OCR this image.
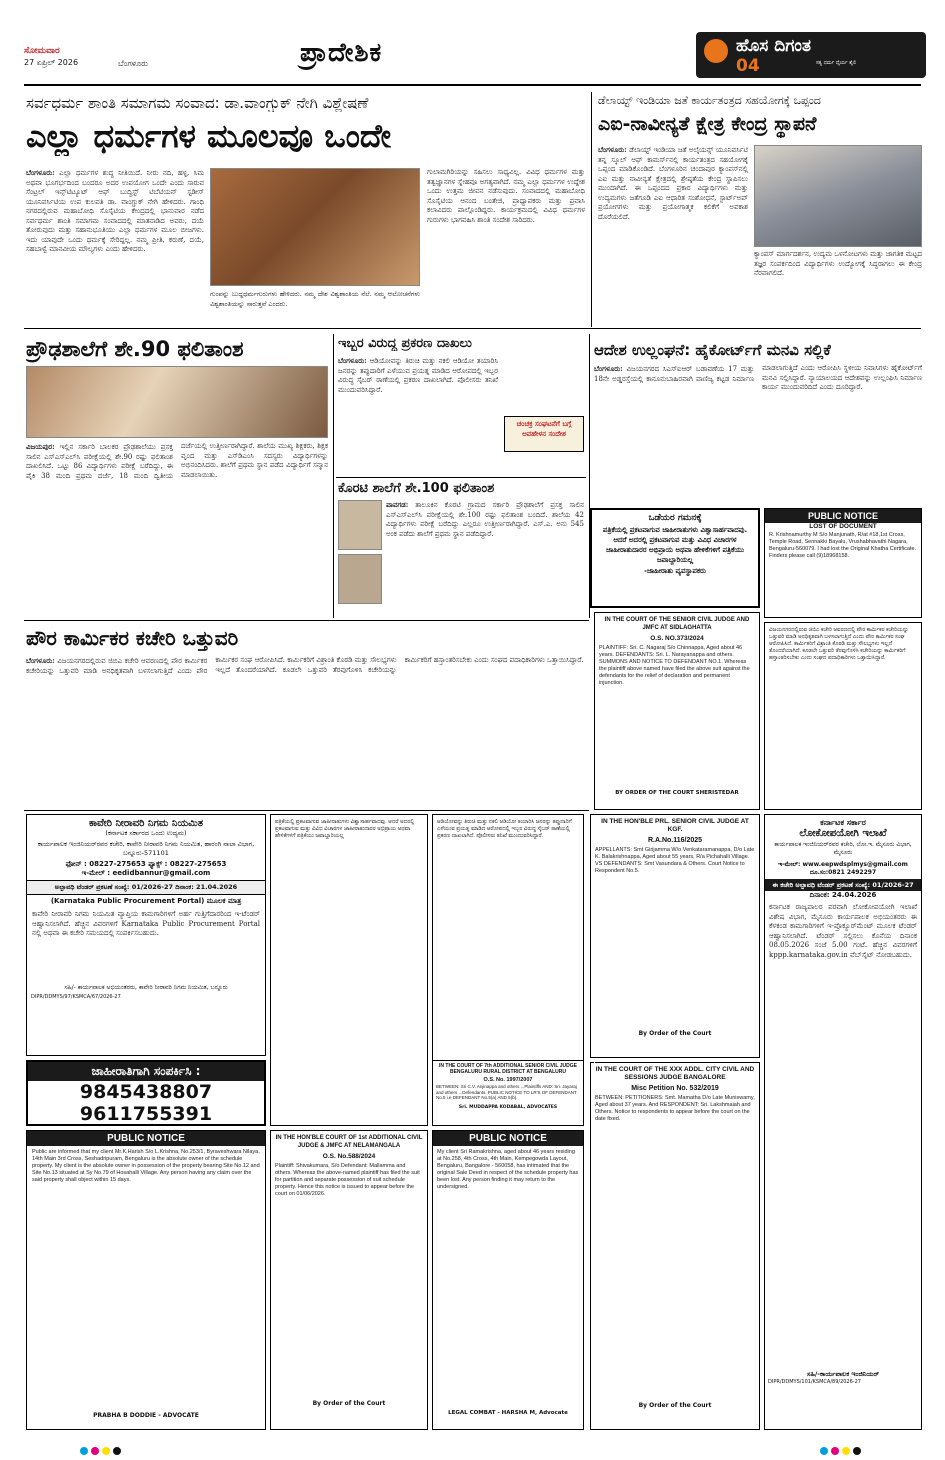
ಸೋಮವಾರ
27 ಏಪ್ರಿಲ್ 2026	ಬೆಂಗಳೂರು	ಪ್ರಾದೇಶಿಕ	ಹೊಸ ದಿಗಂತ
ಸತ್ಯ ಧರ್ಮ ಧೈರ್ಯ ಶೈಲಿ
04
ಸರ್ವಧರ್ಮ ಶಾಂತಿ ಸಮಾಗಮ ಸಂವಾದ: ಡಾ.ವಾಂಗ್ಚುಕ್ ನೇಗಿ ವಿಶ್ಲೇಷಣೆ
ಎಲ್ಲಾ ಧರ್ಮಗಳ ಮೂಲವೂ ಒಂದೇ
ಬೆಂಗಳೂರು: ಎಲ್ಲಾ ಧರ್ಮಗಳ ಶುದ್ಧ ನೀತಿಯಿದೆ. ನೀರು ನದಿ, ಹಳ್ಳ, ಸಿಮ ಅಥವಾ ಭೂಗರ್ಭದಿಂದ ಬಂದರೂ ಅದರ ಉಪಯೋಗ ಒಂದೇ ಎಂದು ಸಾರುವ ಸೆಂಟ್ರಲ್ ಇನ್ಸ್‌ಟಿಟ್ಯೂಟ್ ಆಫ್ ಬುದ್ಧಿಸ್ಟ್ ಟಿಬೆಟಿಯನ್ ಸ್ಟಡೀಸ್ ಯೂನಿವರ್ಸಿಟಿಯ ಉಪ ಕುಲಪತಿ ಡಾ. ವಾಂಗ್ಚುಕ್ ನೇಗಿ ಹೇಳಿದರು. ಗಾಂಧಿ ನಗರದಲ್ಲಿರುವ ಮಹಾಬೋಧಿ ಸೊಸೈಟಿಯ ಕೇಂದ್ರದಲ್ಲಿ ಭಾನುವಾರ ನಡೆದ ಸರ್ವಧರ್ಮ ಶಾಂತಿ ಸಮಾಗಮ ಸಂವಾದದಲ್ಲಿ ಮಾತನಾಡಿದ ಅವರು, ದಯೆ ತೋರುವುದು ಮತ್ತು ಸಹಾನುಭೂತಿಯು ಎಲ್ಲಾ ಧರ್ಮಗಳ ಮೂಲ ಬೀಜಗಳು. ಇದು ಯಾವುದೇ ಒಂದು ಧರ್ಮಕ್ಕೆ ಸೇರಿದ್ದಲ್ಲ. ನಮ್ಮ ಪ್ರೀತಿ, ಕರುಣೆ, ದಯೆ, ಸಹಬಾಳ್ವೆ ಮಾನವೀಯ ಮೌಲ್ಯಗಳು ಎಂದು ಹೇಳಿದರು.
ಗುಂಪನ್ನು ಬುದ್ಧಧರ್ಮಗುರುಗಳು ಹೇಳಿದರು. ನಮ್ಮ ದೇಶ ವಿಶ್ವಶಾಂತಿಯ ನೆಲೆ. ನಮ್ಮ ಆಲೋಚನೆಗಳು ವಿಶ್ವಶಾಂತಿಯನ್ನು ಸಾರುತ್ತವೆ ಎಂದರು.
ಗುಲಾಮಗಿರಿಯನ್ನು ಸಹಿಸಲು ಸಾಧ್ಯವಿಲ್ಲ. ವಿವಿಧ ಧರ್ಮಗಳ ಮತ್ತು ತತ್ವಜ್ಞಾನಗಳ ಸ್ನೇಹವೂ ಅಗತ್ಯವಾಗಿದೆ. ನಮ್ಮ ಎಲ್ಲಾ ಧರ್ಮಗಳ ಉದ್ದೇಶ ಒಂದು ಉತ್ತಮ ಜೀವನ ನಡೆಸುವುದು. ಸಂವಾದದಲ್ಲಿ ಮಹಾಬೋಧಿ ಸೊಸೈಟಿಯ ಆನಂದ ಬಂತೇಜಿ, ಪ್ರಾಧ್ಯಾಪಕರು ಮತ್ತು ಪ್ರವಾಸಿ ಕಲಾವಿದರು ಪಾಲ್ಗೊಂಡಿದ್ದರು. ಕಾರ್ಯಕ್ರಮದಲ್ಲಿ ವಿವಿಧ ಧರ್ಮಗಳ ಗುರುಗಳು ಭಾಗವಹಿಸಿ ಶಾಂತಿ ಸಂದೇಶ ಸಾರಿದರು.
ಡೆಲಾಯ್ಟ್ ಇಂಡಿಯಾ ಜತೆ ಕಾರ್ಯತಂತ್ರದ ಸಹಯೋಗಕ್ಕೆ ಒಪ್ಪಂದ
ಎಐ-ನಾವೀನ್ಯತೆ ಕ್ಷೇತ್ರ ಕೇಂದ್ರ ಸ್ಥಾಪನೆ
ಬೆಂಗಳೂರು: ಡೆಲಾಯ್ಟ್ ಇಂಡಿಯಾ ಜತೆ ಅಲೈಯನ್ಸ್ ಯೂನಿವರ್ಸಿಟಿ ತನ್ನ ಸ್ಕೂಲ್ ಆಫ್ ಕಾಮರ್ಸ್‌ನಲ್ಲಿ ಕಾರ್ಯತಂತ್ರದ ಸಹಯೋಗಕ್ಕೆ ಒಪ್ಪಂದ ಮಾಡಿಕೊಂಡಿದೆ. ಬೆಂಗಳೂರಿನ ಚಂದಾಪುರ ಕ್ಯಾಂಪಸ್‌ನಲ್ಲಿ ಎಐ ಮತ್ತು ನಾವೀನ್ಯತೆ ಕ್ಷೇತ್ರದಲ್ಲಿ ಶ್ರೇಷ್ಠತೆಯ ಕೇಂದ್ರ ಸ್ಥಾಪಿಸಲು ಮುಂದಾಗಿದೆ. ಈ ಒಪ್ಪಂದದ ಪ್ರಕಾರ ವಿದ್ಯಾರ್ಥಿಗಳು ಮತ್ತು ಉದ್ಯಮಗಳು ಜತೆಗೂಡಿ ಎಐ ಆಧಾರಿತ ಸಂಶೋಧನೆ, ಸ್ಟಾರ್ಟ್‌ಅಪ್ ಪ್ರಯೋಗಗಳು ಮತ್ತು ಪ್ರಯೋಗಾತ್ಮಕ ಕಲಿಕೆಗೆ ಅವಕಾಶ ದೊರೆಯಲಿದೆ.
ಕ್ಯಾಂಪಸ್ ಮಾರ್ಗದರ್ಶನ, ಉದ್ಯಮ ಒಳನೋಟಗಳು ಮತ್ತು ಜಾಗತಿಕ ಮಟ್ಟದ ತಜ್ಞರ ಸಂಪರ್ಕದಿಂದ ವಿದ್ಯಾರ್ಥಿಗಳು ಉದ್ಯೋಗಕ್ಕೆ ಸಿದ್ಧರಾಗಲು ಈ ಕೇಂದ್ರ ನೆರವಾಗಲಿದೆ.
ಪ್ರೌಢಶಾಲೆಗೆ ಶೇ.90 ಫಲಿತಾಂಶ
ವಿಜಯಪುರ: ಇಲ್ಲಿನ ಸರ್ಕಾರಿ ಬಾಲಕರ ಪ್ರೌಢಶಾಲೆಯು ಪ್ರಸಕ್ತ ಸಾಲಿನ ಎಸ್ಎಸ್ಎಲ್‌ಸಿ ಪರೀಕ್ಷೆಯಲ್ಲಿ ಶೇ.90 ರಷ್ಟು ಫಲಿತಾಂಶ ದಾಖಲಿಸಿದೆ. ಒಟ್ಟು 86 ವಿದ್ಯಾರ್ಥಿಗಳು ಪರೀಕ್ಷೆ ಬರೆದಿದ್ದು, ಈ ಪೈಕಿ 38 ಮಂದಿ ಪ್ರಥಮ ದರ್ಜೆ, 18 ಮಂದಿ ದ್ವಿತೀಯ ದರ್ಜೆಯಲ್ಲಿ ಉತ್ತೀರ್ಣರಾಗಿದ್ದಾರೆ. ಶಾಲೆಯ ಮುಖ್ಯ ಶಿಕ್ಷಕರು, ಶಿಕ್ಷಕ ವೃಂದ ಮತ್ತು ಎಸ್‌ಡಿಎಂಸಿ ಸದಸ್ಯರು ವಿದ್ಯಾರ್ಥಿಗಳನ್ನು ಅಭಿನಂದಿಸಿದರು. ಶಾಲೆಗೆ ಪ್ರಥಮ ಸ್ಥಾನ ಪಡೆದ ವಿದ್ಯಾರ್ಥಿಗೆ ಸನ್ಮಾನ ಮಾಡಲಾಯಿತು.
ಇಬ್ಬರ ವಿರುದ್ಧ ಪ್ರಕರಣ ದಾಖಲು
ಬೆಂಗಳೂರು: ಆಡಿಯೋವನ್ನು ತಿರುಚಿ ಮತ್ತು ನಕಲಿ ಆಡಿಯೋ ತಯಾರಿಸಿ ಜನರನ್ನು ತಪ್ಪುದಾರಿಗೆ ಎಳೆಯುವ ಪ್ರಯತ್ನ ಮಾಡಿದ ಆರೋಪದಲ್ಲಿ ಇಬ್ಬರ ವಿರುದ್ಧ ಸೈಬರ್ ಠಾಣೆಯಲ್ಲಿ ಪ್ರಕರಣ ದಾಖಲಾಗಿದೆ. ಪೊಲೀಸರು ತನಿಖೆ ಮುಂದುವರಿಸಿದ್ದಾರೆ.
ಚಂಚಕ್ರ ಸಂಘಟನೆಗೆ ಬಗ್ಗೆ ಅವಹೇಳನ ಸಂದೇಶ
ಕೊರಟಿ ಶಾಲೆಗೆ ಶೇ.100 ಫಲಿತಾಂಶ
ಪಾವಗಡ: ತಾಲೂಕಿನ ಕೊರಟಿ ಗ್ರಾಮದ ಸರ್ಕಾರಿ ಪ್ರೌಢಶಾಲೆಗೆ ಪ್ರಸಕ್ತ ಸಾಲಿನ ಎಸ್ಎಸ್ಎಲ್‌ಸಿ ಪರೀಕ್ಷೆಯಲ್ಲಿ ಶೇ.100 ರಷ್ಟು ಫಲಿತಾಂಶ ಬಂದಿದೆ. ಶಾಲೆಯ 42 ವಿದ್ಯಾರ್ಥಿಗಳು ಪರೀಕ್ಷೆ ಬರೆದಿದ್ದು ಎಲ್ಲರೂ ಉತ್ತೀರ್ಣರಾಗಿದ್ದಾರೆ. ಎಸ್.ಎ. ಅನು 545 ಅಂಕ ಪಡೆದು ಶಾಲೆಗೆ ಪ್ರಥಮ ಸ್ಥಾನ ಪಡೆದಿದ್ದಾರೆ.
ಆದೇಶ ಉಲ್ಲಂಘನೆ: ಹೈಕೋರ್ಟ್‌ಗೆ ಮನವಿ ಸಲ್ಲಿಕೆ
ಬೆಂಗಳೂರು: ವಿಜಯನಗರದ ಸಿಎಸ್ಐಆರ್ ಬಡಾವಣೆಯ 17 ಮತ್ತು 18ನೇ ಅಡ್ಡರಸ್ತೆಯಲ್ಲಿ ಕಾನೂನುಬಾಹಿರವಾಗಿ ವಾಣಿಜ್ಯ ಕಟ್ಟಡ ನಿರ್ಮಾಣ ಮಾಡಲಾಗುತ್ತಿದೆ ಎಂದು ಆರೋಪಿಸಿ ಸ್ಥಳೀಯ ನಿವಾಸಿಗಳು ಹೈಕೋರ್ಟ್‌ಗೆ ಮನವಿ ಸಲ್ಲಿಸಿದ್ದಾರೆ. ನ್ಯಾಯಾಲಯದ ಆದೇಶವನ್ನು ಉಲ್ಲಂಘಿಸಿ ನಿರ್ಮಾಣ ಕಾರ್ಯ ಮುಂದುವರಿದಿದೆ ಎಂದು ದೂರಿದ್ದಾರೆ.
ಪೌರ ಕಾರ್ಮಿಕರ ಕಚೇರಿ ಒತ್ತುವರಿ
ಬೆಂಗಳೂರು: ವಿಜಯನಗರದಲ್ಲಿರುವ ಜಿಬಿಎ ಕಚೇರಿ ಆವರಣದಲ್ಲಿ ಪೌರ ಕಾರ್ಮಿಕರ ಕಚೇರಿಯನ್ನು ಒತ್ತುವರಿ ಮಾಡಿ ಅನಧಿಕೃತವಾಗಿ ಬಳಸಲಾಗುತ್ತಿದೆ ಎಂದು ಪೌರ ಕಾರ್ಮಿಕರ ಸಂಘ ಆರೋಪಿಸಿದೆ. ಕಾರ್ಮಿಕರಿಗೆ ವಿಶ್ರಾಂತಿ ಕೊಠಡಿ ಮತ್ತು ಸೌಲಭ್ಯಗಳು ಇಲ್ಲದೆ ತೊಂದರೆಯಾಗಿದೆ. ಕೂಡಲೇ ಒತ್ತುವರಿ ತೆರವುಗೊಳಿಸಿ ಕಚೇರಿಯನ್ನು ಕಾರ್ಮಿಕರಿಗೆ ಹಸ್ತಾಂತರಿಸಬೇಕು ಎಂದು ಸಂಘದ ಪದಾಧಿಕಾರಿಗಳು ಒತ್ತಾಯಿಸಿದ್ದಾರೆ.
ಕಾವೇರಿ ನೀರಾವರಿ ನಿಗಮ ನಿಯಮಿತ
(ಕರ್ನಾಟಕ ಸರ್ಕಾರದ ಒಂದು ಉದ್ಯಮ)
ಕಾರ್ಯಪಾಲಕ ಇಂಜಿನಿಯರ್‌ರವರ ಕಚೇರಿ, ಕಾವೇರಿ ನೀರಾವರಿ ನಿಗಮ ನಿಯಮಿತ, ಹಾರಂಗಿ ನಾಲಾ ವಿಭಾಗ, ಬನ್ನೂರು-571101
ಫೋನ್ : 08227-275653 ಫ್ಯಾಕ್ಸ್ : 08227-275653
ಇ-ಮೇಲ್ : eedidbannur@gmail.com
ಅಲ್ಪಾವಧಿ ಟೆಂಡರ್ ಪ್ರಕಟಣೆ ಸಂಖ್ಯೆ: 01/2026-27 ದಿನಾಂಕ: 21.04.2026
(Karnataka Public Procurement Portal) ಮೂಲಕ ಮಾತ್ರ
ಕಾವೇರಿ ನೀರಾವರಿ ನಿಗಮ ನಿಯಮಿತ ವ್ಯಾಪ್ತಿಯ ಕಾಮಗಾರಿಗಳಿಗೆ ಅರ್ಹ ಗುತ್ತಿಗೆದಾರರಿಂದ ಇ-ಟೆಂಡರ್ ಆಹ್ವಾನಿಸಲಾಗಿದೆ. ಹೆಚ್ಚಿನ ವಿವರಗಳಿಗೆ Karnataka Public Procurement Portal ನಲ್ಲಿ ಅಥವಾ ಈ ಕಚೇರಿ ಸಮಯದಲ್ಲಿ ಸಂಪರ್ಕಿಸಬಹುದು.
ಸಹಿ/- ಕಾರ್ಯಪಾಲಕ ಅಭಿಯಂತರರು, ಕಾವೇರಿ ನೀರಾವರಿ ನಿಗಮ ನಿಯಮಿತ, ಬನ್ನೂರು
DIPR/DDMYS/97/KSMCA/67/2026-27
ಜಾಹೀರಾತಿಗಾಗಿ ಸಂಪರ್ಕಿಸಿ :
9845438807
9611755391
PUBLIC NOTICE
Public are informed that my client Mr.K.Harish S/o L.Krishna, No.253/1, Byraveshwara Nilaya, 14th Main 3rd Cross, Seshadripuram, Bengaluru is the absolute owner of the schedule property. My client is the absolute owner in possession of the property bearing Site No.12 and Site No.13 situated at Sy No.79 of Hosahalli Village. Any person having any claim over the said property shall object within 15 days.
PRABHA B DODDIE - ADVOCATE
IN THE HON'BLE COURT OF 1st ADDITIONAL CIVIL JUDGE & JMFC AT NELAMANGALA
O.S. No.588/2024
Plaintiff: Shivakumara, S/o Defendant: Mallamma and others. Whereas the above-named plaintiff has filed the suit for partition and separate possession of suit schedule property. Hence this notice is issued to appear before the court on 01/06/2026.
By Order of the Court
ಪತ್ರಿಕೆಯಲ್ಲಿ ಪ್ರಕಟವಾಗುವ ಜಾಹೀರಾತುಗಳು ವಿಶ್ವಾಸಾರ್ಹವಾದವು. ಆದರೆ ಅದರಲ್ಲಿ ಪ್ರಕಟವಾಗುವ ಮತ್ತು ವಿವಿಧ ವಿಚಾರಗಳ ಜಾಹೀರಾತುದಾರರ ಅಭಿಪ್ರಾಯ ಅಥವಾ ಹೇಳಿಕೆಗಳಿಗೆ ಪತ್ರಿಕೆಯು ಜವಾಬ್ದಾರಿಯಲ್ಲ
ಆಡಿಯೋವನ್ನು ತಿರುಚಿ ಮತ್ತು ನಕಲಿ ಆಡಿಯೋ ತಯಾರಿಸಿ ಜನರನ್ನು ತಪ್ಪುದಾರಿಗೆ ಎಳೆಯುವ ಪ್ರಯತ್ನ ಮಾಡಿದ ಆರೋಪದಲ್ಲಿ ಇಬ್ಬರ ವಿರುದ್ಧ ಸೈಬರ್ ಠಾಣೆಯಲ್ಲಿ ಪ್ರಕರಣ ದಾಖಲಾಗಿದೆ. ಪೊಲೀಸರು ತನಿಖೆ ಮುಂದುವರಿಸಿದ್ದಾರೆ.
PUBLIC NOTICE
My client Sri Ramakrishna, aged about 46 years residing at No.258, 4th Cross, 4th Main, Kempegowda Layout, Bengaluru, Bangalore - 560058, has intimated that the original Sale Deed in respect of the schedule property has been lost. Any person finding it may return to the undersigned.
LEGAL COMBAT - HARSHA M, Advocate
IN THE HON'BLE PRL. SENIOR CIVIL JUDGE AT KGF.
R.A.No.116/2025
APPELLANTS: Smt Girijamma W/o Venkataramanappa, D/o Late K. Balakrishnappa, Aged about 55 years, R/a Pichahalli Village. VS DEFENDANTS: Smt Vasundara & Others. Court Notice to Respondent No.5.
By Order of the Court
IN THE COURT OF THE XXX ADDL. CITY CIVIL AND SESSIONS JUDGE BANGALORE
Misc Petition No. 532/2019
BETWEEN: PETITIONERS: Smt. Mamatha D/o Late Muniswamy, Aged about 37 years. And RESPONDENT: Sri. Lakshmaiah and Others. Notice to respondents to appear before the court on the date fixed.
By Order of the Court
ಒಡೆಯರ ಗಮನಕ್ಕೆ
ಪತ್ರಿಕೆಯಲ್ಲಿ ಪ್ರಕಟವಾಗುವ ಜಾಹೀರಾತುಗಳು ವಿಶ್ವಾಸಾರ್ಹವಾದವು. ಆದರೆ ಅದರಲ್ಲಿ ಪ್ರಕಟವಾಗುವ ಮತ್ತು ವಿವಿಧ ವಿಚಾರಗಳ ಜಾಹೀರಾತುದಾರರ ಅಭಿಪ್ರಾಯ ಅಥವಾ ಹೇಳಿಕೆಗಳಿಗೆ ಪತ್ರಿಕೆಯು ಜವಾಬ್ದಾರಿಯಲ್ಲ
-ಜಾಹೀರಾತು ವ್ಯವಸ್ಥಾಪಕರು
IN THE COURT OF THE SENIOR CIVIL JUDGE AND JMFC AT SIDLAGHATTA
O.S. NO.373/2024
PLAINTIFF: Sri. C. Nagaraj S/o Chinnappa, Aged about 46 years. DEFENDANTS: Sri. L. Narayanappa and others. SUMMONS AND NOTICE TO DEFENDANT NO.1. Whereas the plaintiff above named have filed the above suit against the defendants for the relief of declaration and permanent injunction.
BY ORDER OF THE COURT SHERISTEDAR
PUBLIC NOTICE
LOST OF DOCUMENT
R. Krishnamurthy M S/o Manjunath, R/at #18,1st Cross, Temple Road, Sennakki Bayalu, Vrushabhavathi Nagara, Bengaluru-560079. I had lost the Original Khatha Certificate. Finders please call (9)18968158.
ವಿಜಯನಗರದಲ್ಲಿರುವ ಜಿಬಿಎ ಕಚೇರಿ ಆವರಣದಲ್ಲಿ ಪೌರ ಕಾರ್ಮಿಕರ ಕಚೇರಿಯನ್ನು ಒತ್ತುವರಿ ಮಾಡಿ ಅನಧಿಕೃತವಾಗಿ ಬಳಸಲಾಗುತ್ತಿದೆ ಎಂದು ಪೌರ ಕಾರ್ಮಿಕರ ಸಂಘ ಆರೋಪಿಸಿದೆ. ಕಾರ್ಮಿಕರಿಗೆ ವಿಶ್ರಾಂತಿ ಕೊಠಡಿ ಮತ್ತು ಸೌಲಭ್ಯಗಳು ಇಲ್ಲದೆ ತೊಂದರೆಯಾಗಿದೆ. ಕೂಡಲೇ ಒತ್ತುವರಿ ತೆರವುಗೊಳಿಸಿ ಕಚೇರಿಯನ್ನು ಕಾರ್ಮಿಕರಿಗೆ ಹಸ್ತಾಂತರಿಸಬೇಕು ಎಂದು ಸಂಘದ ಪದಾಧಿಕಾರಿಗಳು ಒತ್ತಾಯಿಸಿದ್ದಾರೆ.
ಕರ್ನಾಟಕ ಸರ್ಕಾರ
ಲೋಕೋಪಯೋಗಿ ಇಲಾಖೆ
ಕಾರ್ಯಪಾಲಕ ಇಂಜಿನಿಯರ್‌ರವರ ಕಚೇರಿ, ಲೋ.ಇ. ಮೈಸೂರು ವಿಭಾಗ, ಮೈಸೂರು
ಇ-ಮೇಲ್: www.eepwdsplmys@gmail.com ದೂ.ಸಂ:0821 2492297
ಈ ಕಚೇರಿ ಅಲ್ಪಾವಧಿ ಟೆಂಡರ್ ಪ್ರಕಟಣೆ ಸಂಖ್ಯೆ: 01/2026-27
ದಿನಾಂಕ: 24.04.2026
ಕರ್ನಾಟಕ ರಾಜ್ಯಪಾಲರ ಪರವಾಗಿ ಲೋಕೋಪಯೋಗಿ ಇಲಾಖೆ ವಿಶೇಷ ವಿಭಾಗ, ಮೈಸೂರು ಕಾರ್ಯಪಾಲಕ ಅಭಿಯಂತರರು ಈ ಕೆಳಕಂಡ ಕಾಮಗಾರಿಗಳಿಗೆ ಇ-ಪ್ರೊಕ್ಯೂರ್‌ಮೆಂಟ್ ಮೂಲಕ ಟೆಂಡರ್ ಆಹ್ವಾನಿಸಲಾಗಿದೆ. ಟೆಂಡರ್ ಸಲ್ಲಿಸಲು ಕೊನೆಯ ದಿನಾಂಕ 08.05.2026 ಸಂಜೆ 5.00 ಗಂಟೆ. ಹೆಚ್ಚಿನ ವಿವರಗಳಿಗೆ kppp.karnataka.gov.in ವೆಬ್‌ಸೈಟ್ ನೋಡಬಹುದು.
ಸಹಿ/-ಕಾರ್ಯಪಾಲಕ ಇಂಜಿನಿಯರ್
DIPR/DDMYS/101/KSMCA/89/2026-27
IN THE COURT OF 7th ADDITIONAL SENIOR CIVIL JUDGE BENGALURU RURAL DISTRICT AT BENGALURU
O.S. No. 1997/2007
BETWEEN: Sri C.V. Anjinappa and others ...Plaintiffs AND: Sri. Jayaraj and others ...Defendants. PUBLIC NOTICE TO LR'S OF DEFENDANT No.5 i.e DEFENDANT No.5(a) AND 5(b).
Sri. MUDDAPPA KODABAL, ADVOCATES
